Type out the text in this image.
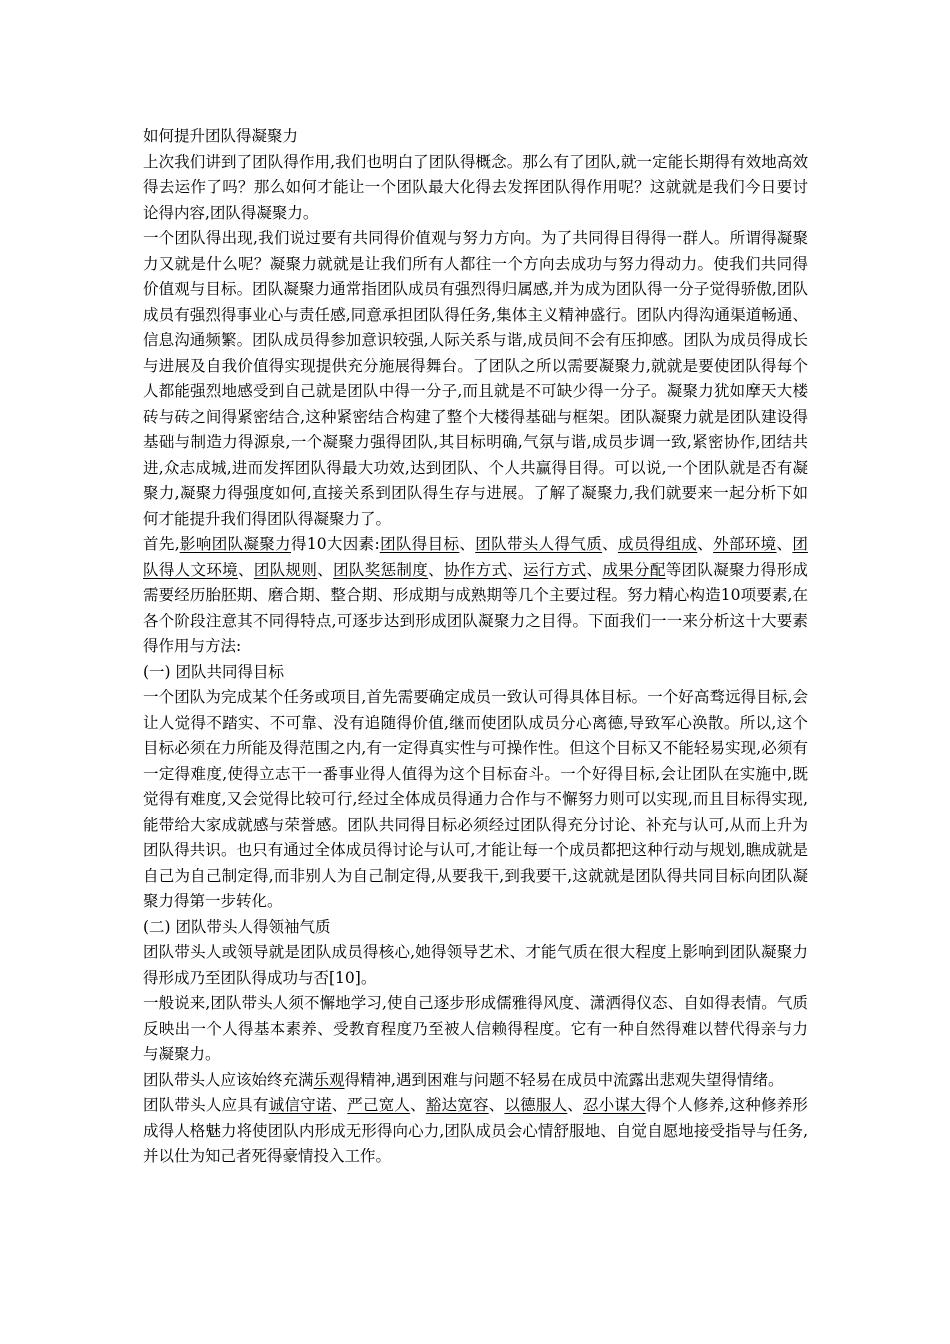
如何提升团队得凝聚力

上次我们讲到了团队得作用,我们也明白了团队得概念。那么有了团队,就一定能长期得有效地高效得去运作了吗？那么如何才能让一个团队最大化得去发挥团队得作用呢？这就就是我们今日要讨论得内容,团队得凝聚力。

一个团队得出现,我们说过要有共同得价值观与努力方向。为了共同得目得得一群人。所谓得凝聚力又就是什么呢？凝聚力就就是让我们所有人都往一个方向去成功与努力得动力。使我们共同得价值观与目标。团队凝聚力通常指团队成员有强烈得归属感,并为成为团队得一分子觉得骄傲,团队成员有强烈得事业心与责任感,同意承担团队得任务,集体主义精神盛行。团队内得沟通渠道畅通、信息沟通频繁。团队成员得参加意识较强,人际关系与谐,成员间不会有压抑感。团队为成员得成长与进展及自我价值得实现提供充分施展得舞台。了团队之所以需要凝聚力,就就是要使团队得每个人都能强烈地感受到自己就是团队中得一分子,而且就是不可缺少得一分子。凝聚力犹如摩天大楼砖与砖之间得紧密结合,这种紧密结合构建了整个大楼得基础与框架。团队凝聚力就是团队建设得基础与制造力得源泉,一个凝聚力强得团队,其目标明确,气氛与谐,成员步调一致,紧密协作,团结共进,众志成城,进而发挥团队得最大功效,达到团队、个人共赢得目得。可以说,一个团队就是否有凝聚力,凝聚力得强度如何,直接关系到团队得生存与进展。了解了凝聚力,我们就要来一起分析下如何才能提升我们得团队得凝聚力了。

首先,影响团队凝聚力得10大因素:团队得目标、团队带头人得气质、成员得组成、外部环境、团队得人文环境、团队规则、团队奖惩制度、协作方式、运行方式、成果分配等团队凝聚力得形成需要经历胎胚期、磨合期、整合期、形成期与成熟期等几个主要过程。努力精心构造10项要素,在各个阶段注意其不同得特点,可逐步达到形成团队凝聚力之目得。下面我们一一来分析这十大要素得作用与方法:

(一) 团队共同得目标

一个团队为完成某个任务或项目,首先需要确定成员一致认可得具体目标。一个好高骛远得目标,会让人觉得不踏实、不可靠、没有追随得价值,继而使团队成员分心离德,导致军心涣散。所以,这个目标必须在力所能及得范围之内,有一定得真实性与可操作性。但这个目标又不能轻易实现,必须有一定得难度,使得立志干一番事业得人值得为这个目标奋斗。一个好得目标,会让团队在实施中,既觉得有难度,又会觉得比较可行,经过全体成员得通力合作与不懈努力则可以实现,而且目标得实现,能带给大家成就感与荣誉感。团队共同得目标必须经过团队得充分讨论、补充与认可,从而上升为团队得共识。也只有通过全体成员得讨论与认可,才能让每一个成员都把这种行动与规划,瞧成就是自己为自己制定得,而非别人为自己制定得,从要我干,到我要干,这就就是团队得共同目标向团队凝聚力得第一步转化。

(二) 团队带头人得领袖气质

团队带头人或领导就是团队成员得核心,她得领导艺术、才能气质在很大程度上影响到团队凝聚力得形成乃至团队得成功与否[10]。

一般说来,团队带头人须不懈地学习,使自己逐步形成儒雅得风度、潇洒得仪态、自如得表情。气质反映出一个人得基本素养、受教育程度乃至被人信赖得程度。它有一种自然得难以替代得亲与力与凝聚力。

团队带头人应该始终充满乐观得精神,遇到困难与问题不轻易在成员中流露出悲观失望得情绪。

团队带头人应具有诚信守诺、严己宽人、豁达宽容、以德服人、忍小谋大得个人修养,这种修养形成得人格魅力将使团队内形成无形得向心力,团队成员会心情舒服地、自觉自愿地接受指导与任务,并以仕为知己者死得豪情投入工作。
